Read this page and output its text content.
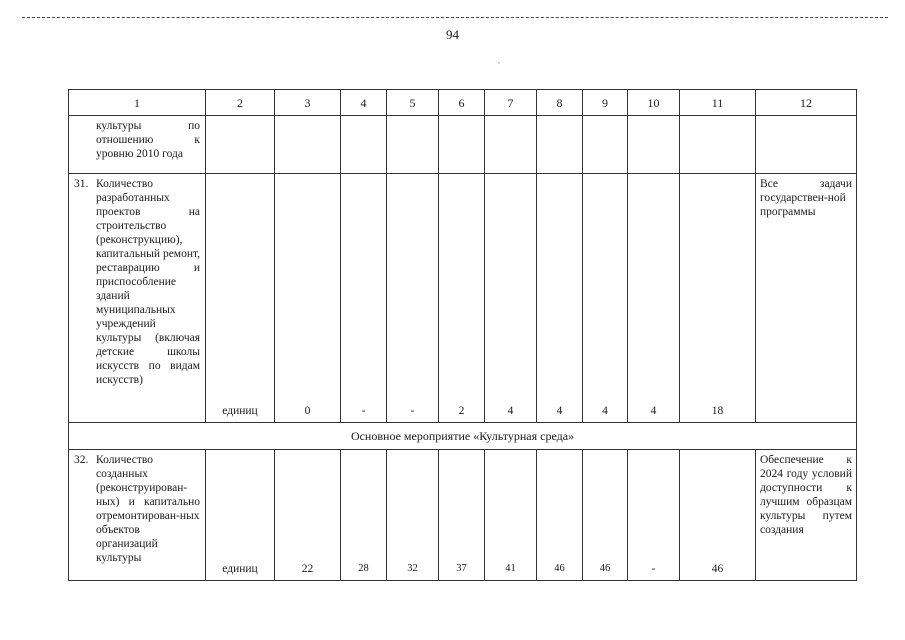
94
,
1	2	3	4	5	6	7	8	9	10	11	12

культуры по отношению к уровню 2010 года											

31. Количество разработанных проектов на строительство (реконструкцию), капитальный ремонт, реставрацию и приспособление зданий муниципальных учреждений культуры (включая детские школы искусств по видам искусств)	единиц	0	-	-	2	4	4	4	4	18	Все задачи государствен-ной программы

Основное мероприятие «Культурная среда»											

32. Количество созданных (реконструирован-ных) и капитально отремонтирован-ных объектов организаций культуры	единиц	22	28	32	37	41	46	46	-	46	Обеспечение к 2024 году условий доступности к лучшим образцам культуры путем создания
